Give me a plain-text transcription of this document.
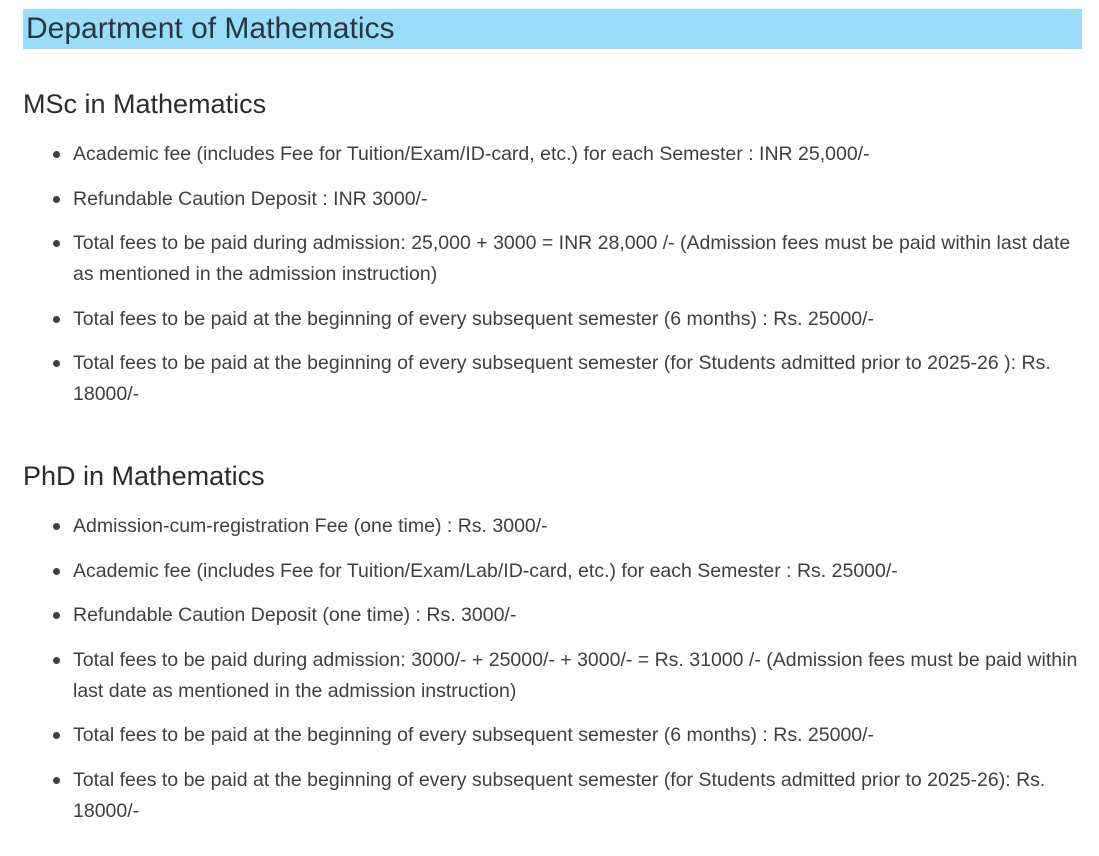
Department of Mathematics
MSc in Mathematics
Academic fee (includes Fee for Tuition/Exam/ID-card, etc.) for each Semester : INR 25,000/-
Refundable Caution Deposit : INR 3000/-
Total fees to be paid during admission: 25,000 + 3000 = INR 28,000 /- (Admission fees must be paid within last date as mentioned in the admission instruction)
Total fees to be paid at the beginning of every subsequent semester (6 months) : Rs. 25000/-
Total fees to be paid at the beginning of every subsequent semester (for Students admitted prior to 2025-26 ): Rs. 18000/-
PhD in Mathematics
Admission-cum-registration Fee (one time) : Rs. 3000/-
Academic fee (includes Fee for Tuition/Exam/Lab/ID-card, etc.) for each Semester : Rs. 25000/-
Refundable Caution Deposit (one time) : Rs. 3000/-
Total fees to be paid during admission: 3000/- + 25000/- + 3000/- = Rs. 31000 /- (Admission fees must be paid within last date as mentioned in the admission instruction)
Total fees to be paid at the beginning of every subsequent semester (6 months) : Rs. 25000/-
Total fees to be paid at the beginning of every subsequent semester (for Students admitted prior to 2025-26): Rs. 18000/-
